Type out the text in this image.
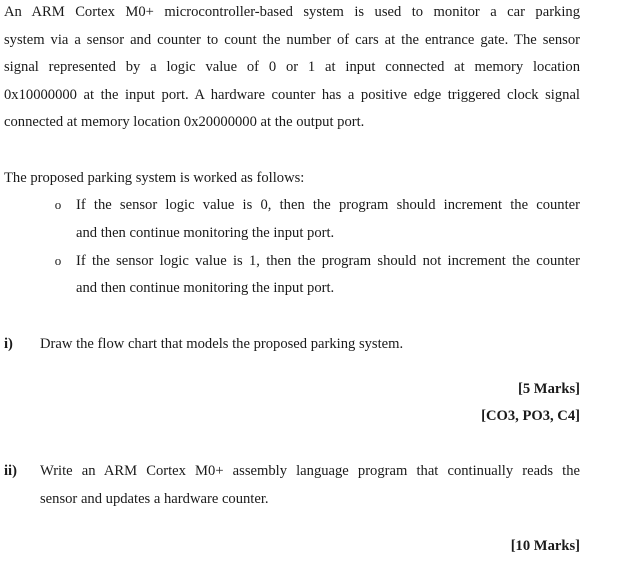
An ARM Cortex M0+ microcontroller-based system is used to monitor a car parking
system via a sensor and counter to count the number of cars at the entrance gate. The sensor
signal represented by a logic value of 0 or 1 at input connected at memory location
0x10000000 at the input port. A hardware counter has a positive edge triggered clock signal
connected at memory location 0x20000000 at the output port.
The proposed parking system is worked as follows:
o If the sensor logic value is 0, then the program should increment the counter
and then continue monitoring the input port.
o If the sensor logic value is 1, then the program should not increment the counter
and then continue monitoring the input port.
i) Draw the flow chart that models the proposed parking system.
[5 Marks]
[CO3, PO3, C4]
ii) Write an ARM Cortex M0+ assembly language program that continually reads the
sensor and updates a hardware counter.
[10 Marks]
